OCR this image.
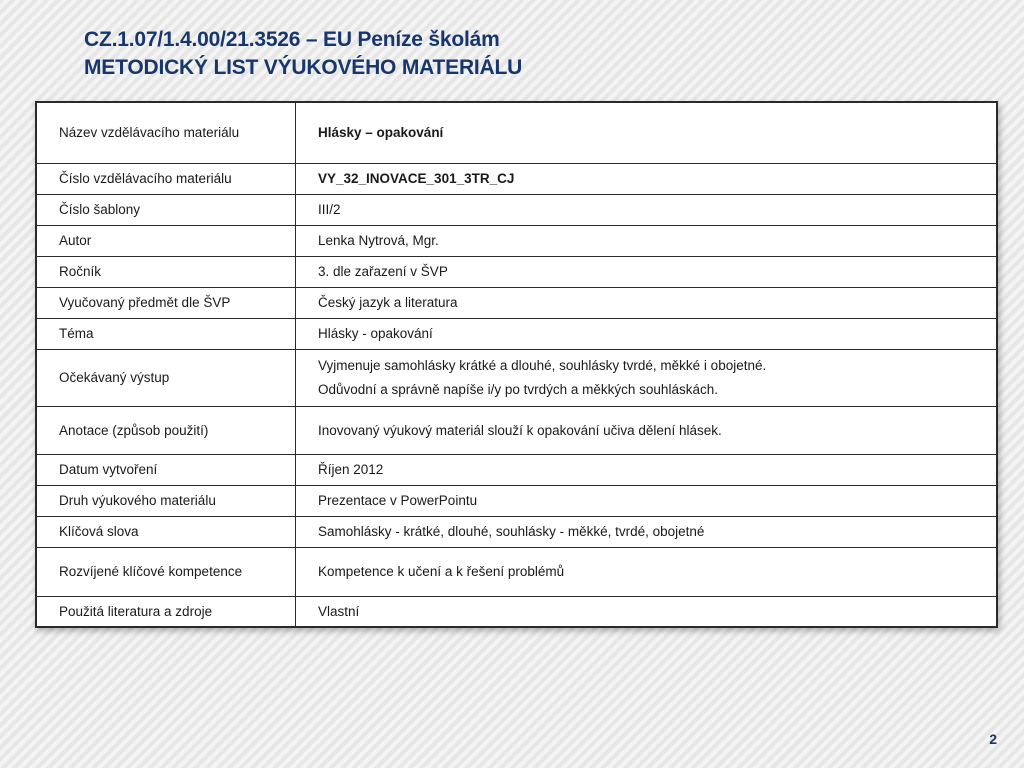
CZ.1.07/1.4.00/21.3526 – EU Peníze školám
METODICKÝ LIST VÝUKOVÉHO MATERIÁLU
Název vzdělávacího materiálu	Hlásky – opakování
Číslo vzdělávacího materiálu	VY_32_INOVACE_301_3TR_CJ
Číslo šablony	III/2
Autor	Lenka Nytrová, Mgr.
Ročník	3. dle zařazení v ŠVP
Vyučovaný předmět dle ŠVP	Český jazyk a literatura
Téma	Hlásky - opakování
Očekávaný výstup	Vyjmenuje samohlásky krátké a dlouhé, souhlásky tvrdé, měkké i obojetné.
Odůvodní a správně napíše i/y po tvrdých a měkkých souhláskách.

Anotace (způsob použití)	Inovovaný výukový materiál slouží k opakování učiva dělení hlásek.
Datum vytvoření	Říjen 2012
Druh výukového materiálu	Prezentace v PowerPointu
Klíčová slova	Samohlásky - krátké, dlouhé, souhlásky - měkké, tvrdé, obojetné
Rozvíjené klíčové kompetence	Kompetence k učení a k řešení problémů
Použitá literatura a zdroje	Vlastní
2
